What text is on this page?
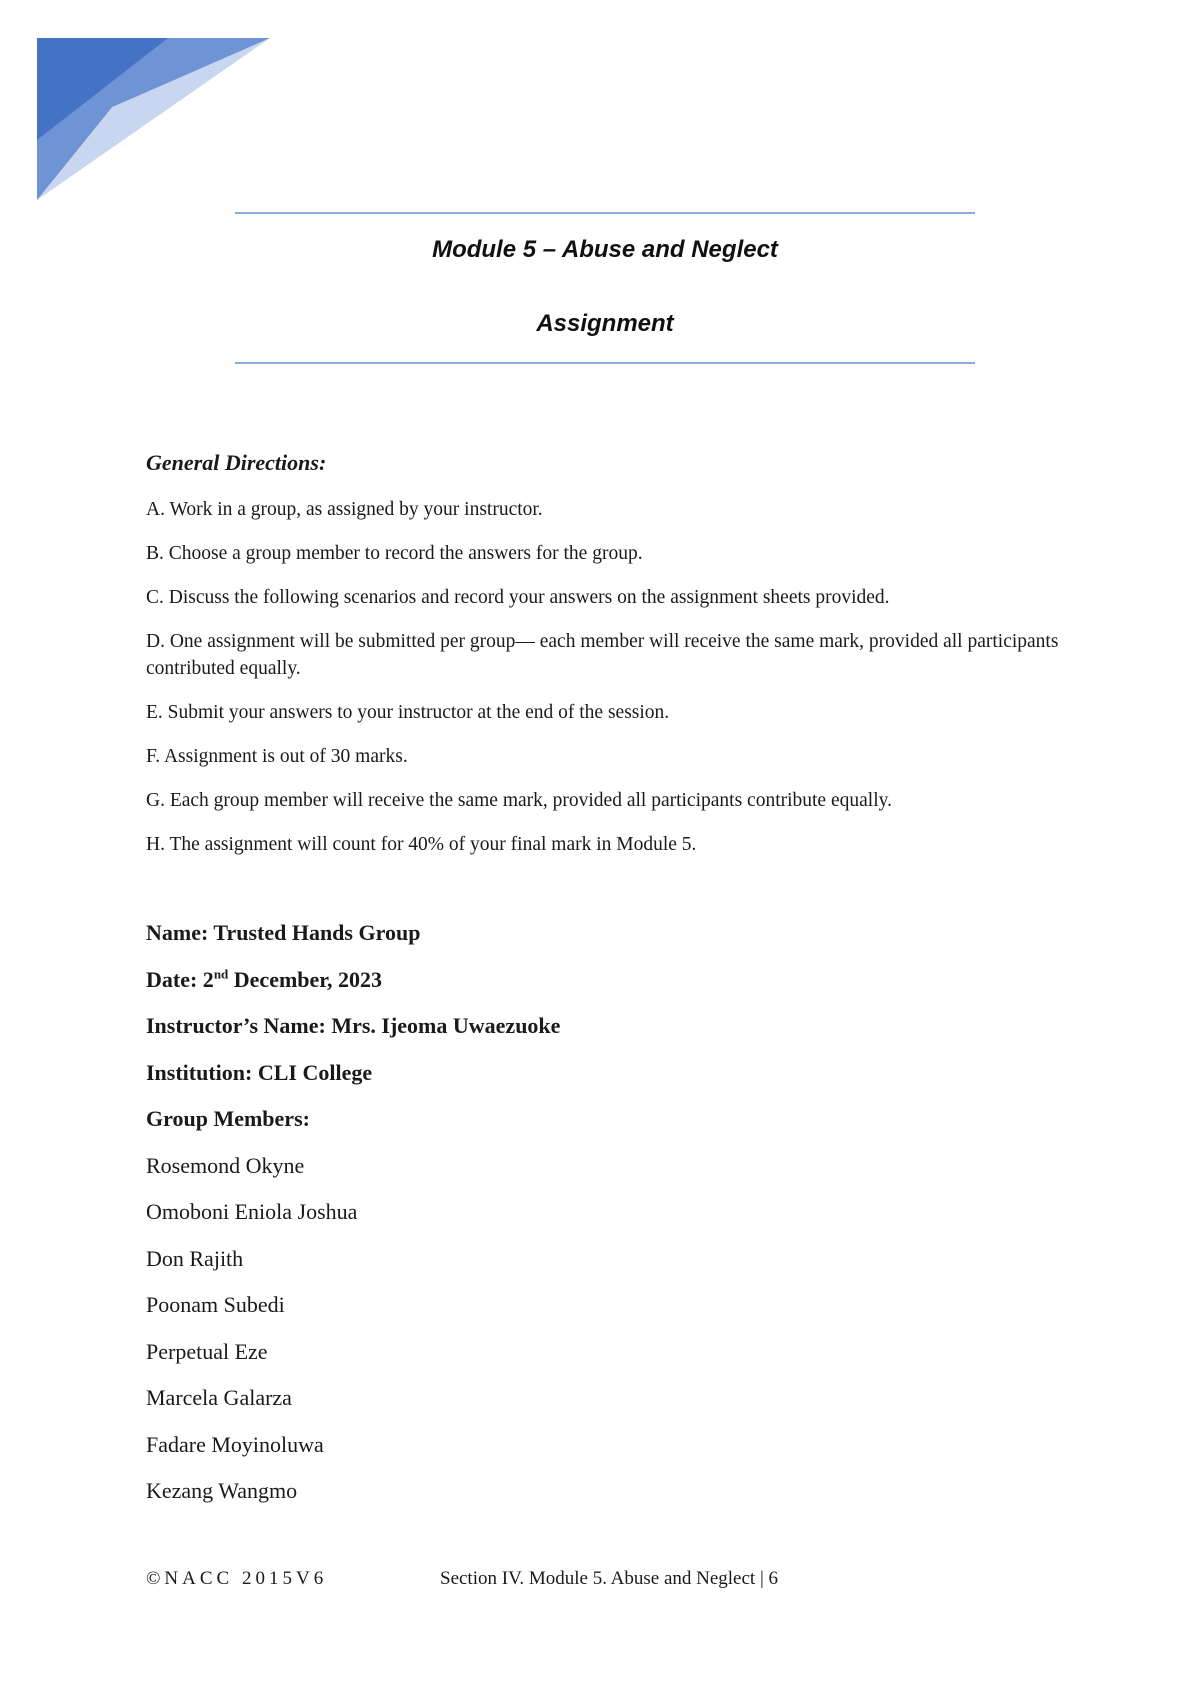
Module 5 – Abuse and Neglect
Assignment
General Directions:
A. Work in a group, as assigned by your instructor.
B. Choose a group member to record the answers for the group.
C. Discuss the following scenarios and record your answers on the assignment sheets provided.
D. One assignment will be submitted per group— each member will receive the same mark, provided all participants contributed equally.
E. Submit your answers to your instructor at the end of the session.
F. Assignment is out of 30 marks.
G. Each group member will receive the same mark, provided all participants contribute equally.
H. The assignment will count for 40% of your final mark in Module 5.
Name: Trusted Hands Group
Date: 2nd December, 2023
Instructor’s Name: Mrs. Ijeoma Uwaezuoke
Institution: CLI College
Group Members:
Rosemond Okyne
Omoboni Eniola Joshua
Don Rajith
Poonam Subedi
Perpetual Eze
Marcela Galarza
Fadare Moyinoluwa
Kezang Wangmo
©NACC 2015V6	Section IV. Module 5. Abuse and Neglect | 6
